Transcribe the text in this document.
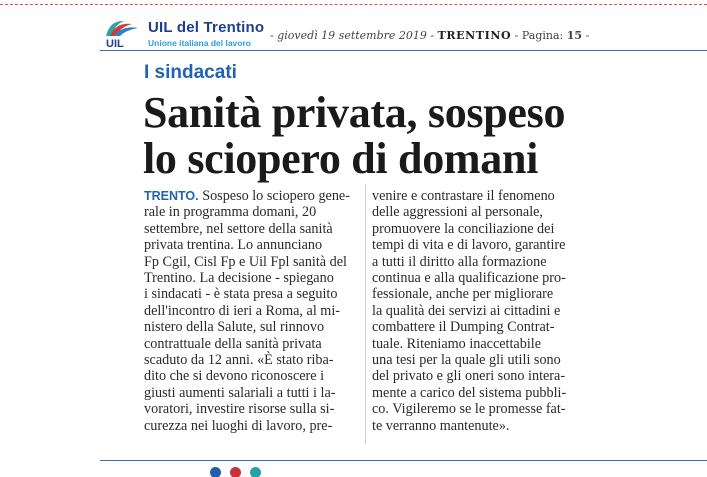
UIL
UIL del Trentino
Unione italiana del lavoro
- giovedì 19 settembre 2019 - TRENTINO - Pagina: 15 -
I sindacati
Sanità privata, sospeso
lo sciopero di domani
TRENTO. Sospeso lo sciopero gene-
rale in programma domani, 20
settembre, nel settore della sanità
privata trentina. Lo annunciano
Fp Cgil, Cisl Fp e Uil Fpl sanità del
Trentino. La decisione - spiegano
i sindacati - è stata presa a seguito
dell'incontro di ieri a Roma, al mi-
nistero della Salute, sul rinnovo
contrattuale della sanità privata
scaduto da 12 anni. «È stato riba-
dito che si devono riconoscere i
giusti aumenti salariali a tutti i la-
voratori, investire risorse sulla si-
curezza nei luoghi di lavoro, pre-
venire e contrastare il fenomeno
delle aggressioni al personale,
promuovere la conciliazione dei
tempi di vita e di lavoro, garantire
a tutti il diritto alla formazione
continua e alla qualificazione pro-
fessionale, anche per migliorare
la qualità dei servizi ai cittadini e
combattere il Dumping Contrat-
tuale. Riteniamo inaccettabile
una tesi per la quale gli utili sono
del privato e gli oneri sono intera-
mente a carico del sistema pubbli-
co. Vigileremo se le promesse fat-
te verranno mantenute».
